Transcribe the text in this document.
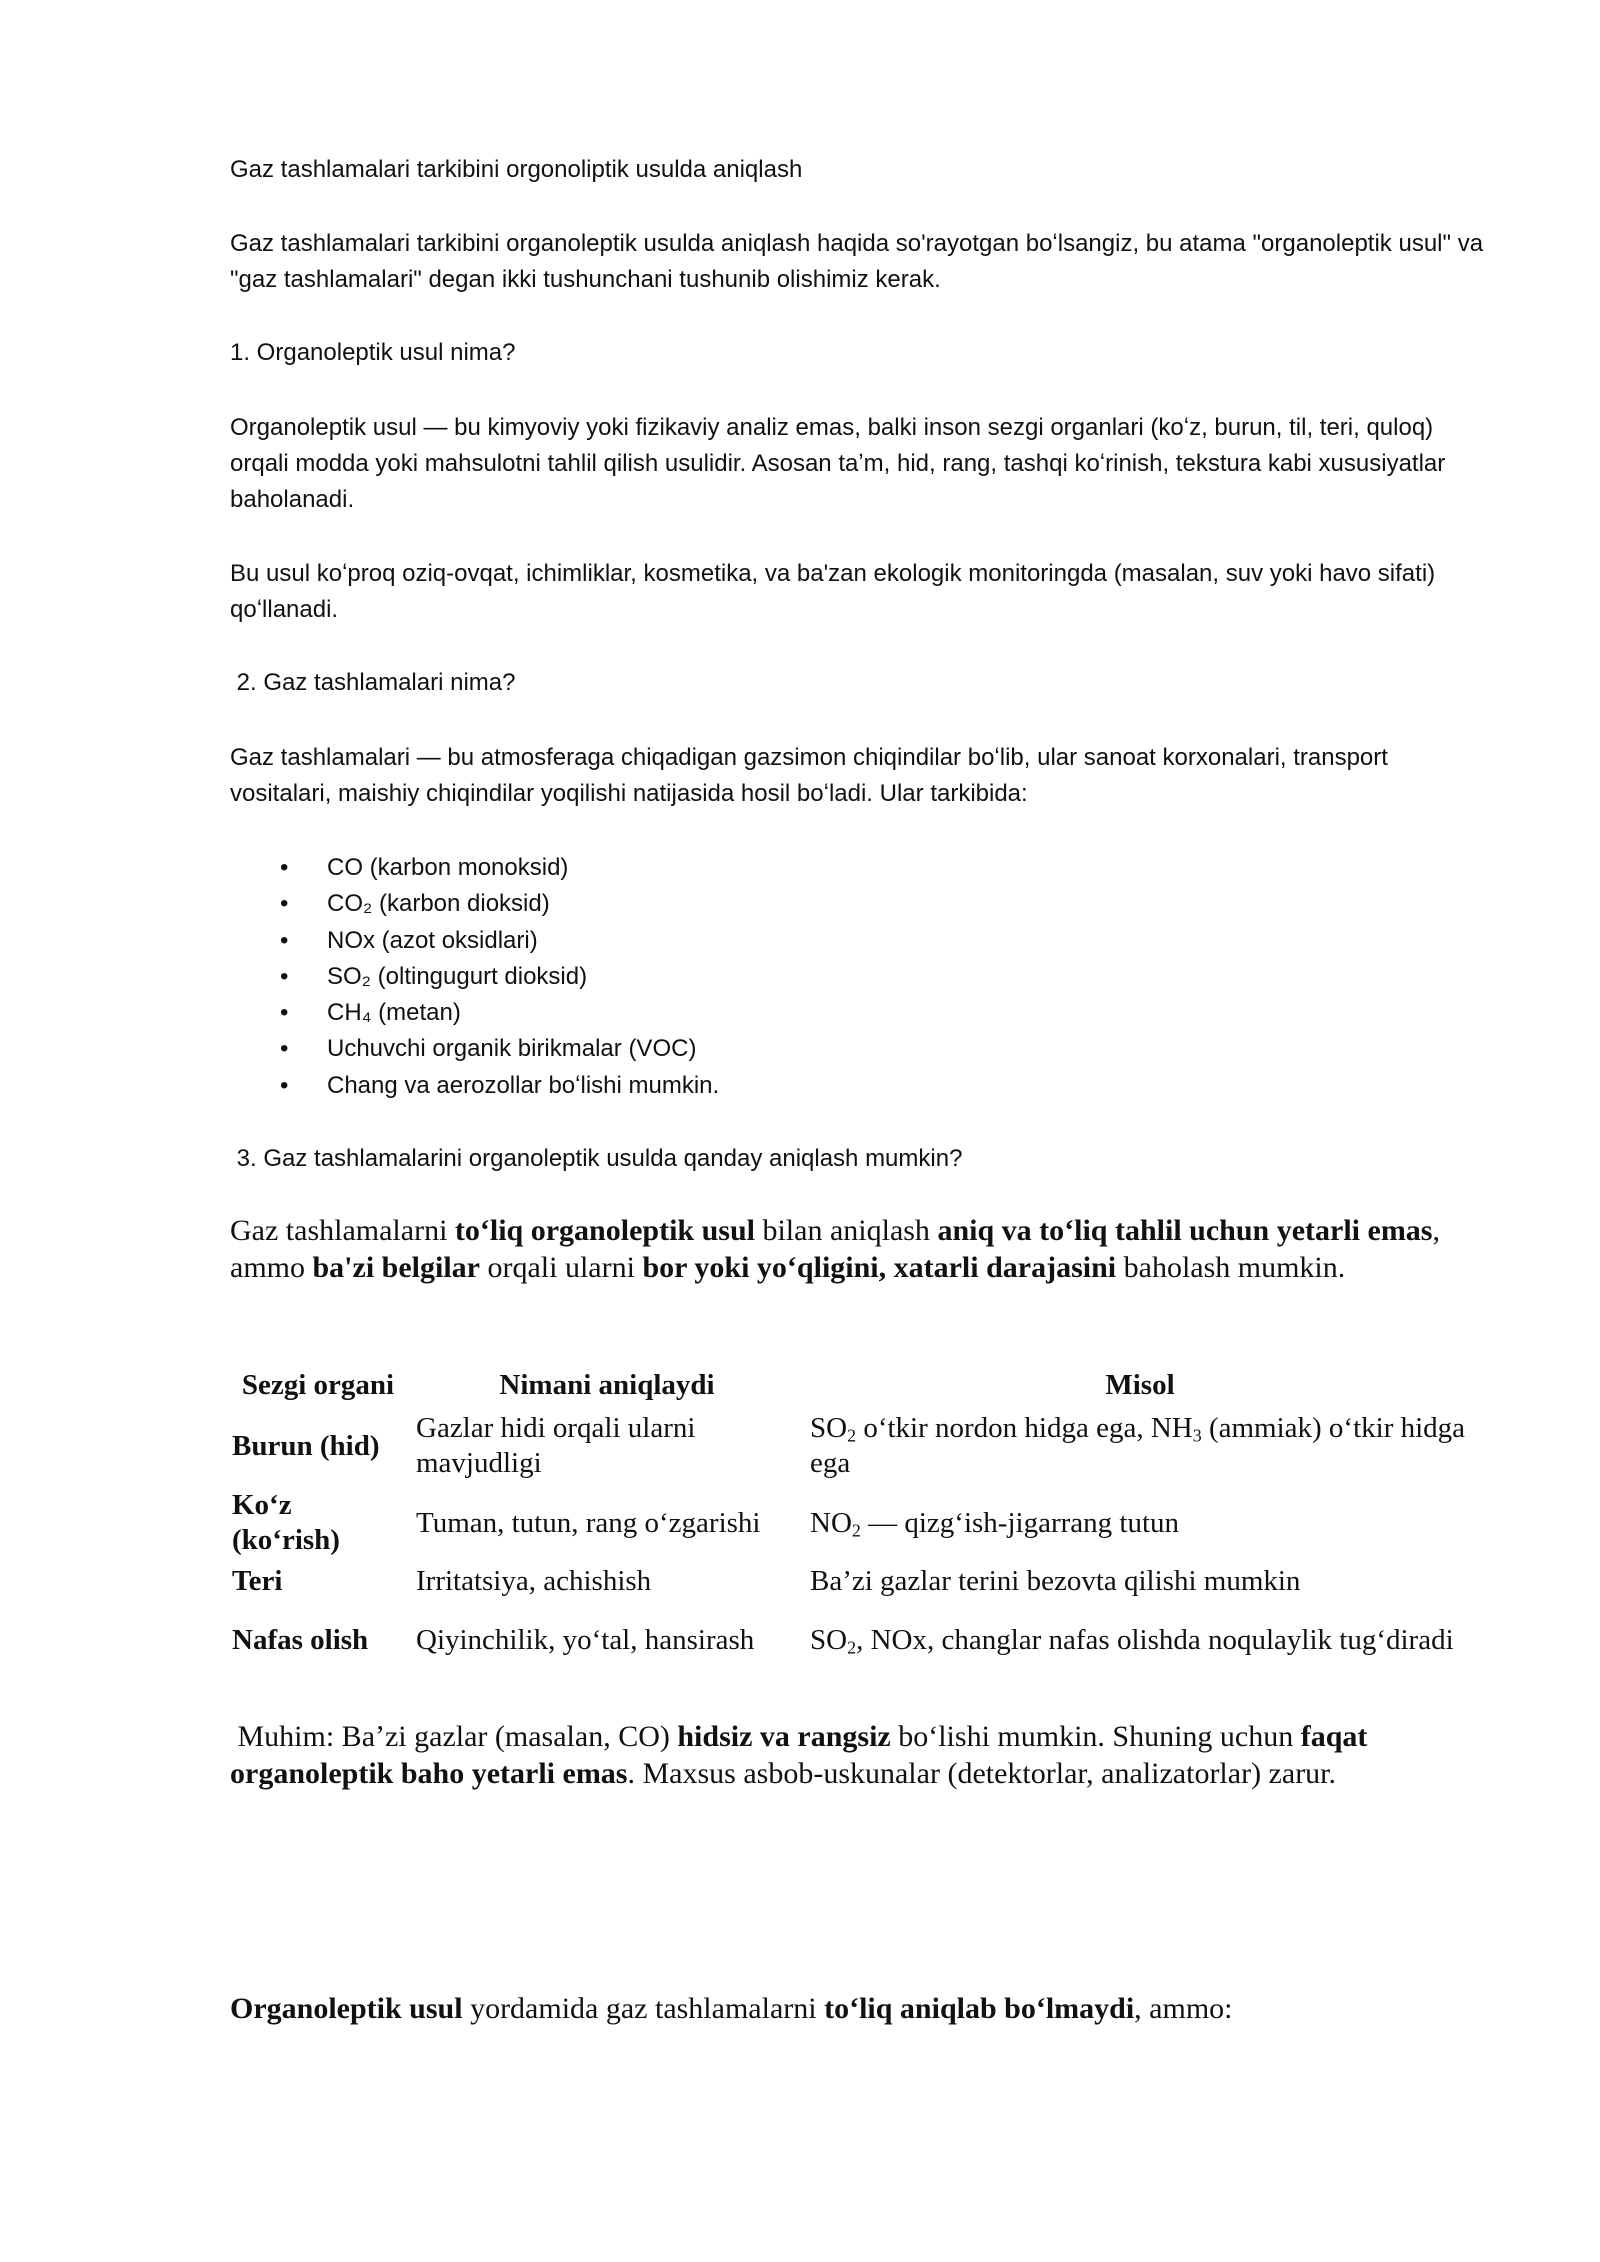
Gaz tashlamalari tarkibini orgonoliptik usulda aniqlash

Gaz tashlamalari tarkibini organoleptik usulda aniqlash haqida so'rayotgan boʻlsangiz, bu atama "organoleptik usul" va "gaz tashlamalari" degan ikki tushunchani tushunib olishimiz kerak.

1. Organoleptik usul nima?

Organoleptik usul — bu kimyoviy yoki fizikaviy analiz emas, balki inson sezgi organlari (koʻz, burun, til, teri, quloq) orqali modda yoki mahsulotni tahlil qilish usulidir. Asosan taʼm, hid, rang, tashqi koʻrinish, tekstura kabi xususiyatlar baholanadi.

Bu usul koʻproq oziq-ovqat, ichimliklar, kosmetika, va ba'zan ekologik monitoringda (masalan, suv yoki havo sifati) qoʻllanadi.

2. Gaz tashlamalari nima?

Gaz tashlamalari — bu atmosferaga chiqadigan gazsimon chiqindilar boʻlib, ular sanoat korxonalari, transport vositalari, maishiy chiqindilar yoqilishi natijasida hosil boʻladi. Ular tarkibida:

• CO (karbon monoksid)
• CO₂ (karbon dioksid)
• NOx (azot oksidlari)
• SO₂ (oltingugurt dioksid)
• CH₄ (metan)
• Uchuvchi organik birikmalar (VOC)
• Chang va aerozollar boʻlishi mumkin.

3. Gaz tashlamalarini organoleptik usulda qanday aniqlash mumkin?

Gaz tashlamalarni toʻliq organoleptik usul bilan aniqlash aniq va toʻliq tahlil uchun yetarli emas, ammo ba'zi belgilar orqali ularni bor yoki yoʻqligini, xatarli darajasini baholash mumkin.

Sezgi organi	Nimani aniqlaydi	Misol
Burun (hid)	Gazlar hidi orqali ularni mavjudligi	$SO_2$ oʻtkir nordon hidga ega, $NH_3$ (ammiak) oʻtkir hidga ega
Koʻz (koʻrish)	Tuman, tutun, rang oʻzgarishi	$NO_2$ — qizgʻish-jigarrang tutun
Teri	Irritatsiya, achishish	Baʼzi gazlar terini bezovta qilishi mumkin
Nafas olish	Qiyinchilik, yoʻtal, hansirash	$SO_2$, NOx, changlar nafas olishda noqulaylik tugʻdiradi

Muhim: Baʼzi gazlar (masalan, CO) hidsiz va rangsiz boʻlishi mumkin. Shuning uchun faqat organoleptik baho yetarli emas. Maxsus asbob-uskunalar (detektorlar, analizatorlar) zarur.

Organoleptik usul yordamida gaz tashlamalarni toʻliq aniqlab boʻlmaydi, ammo:
